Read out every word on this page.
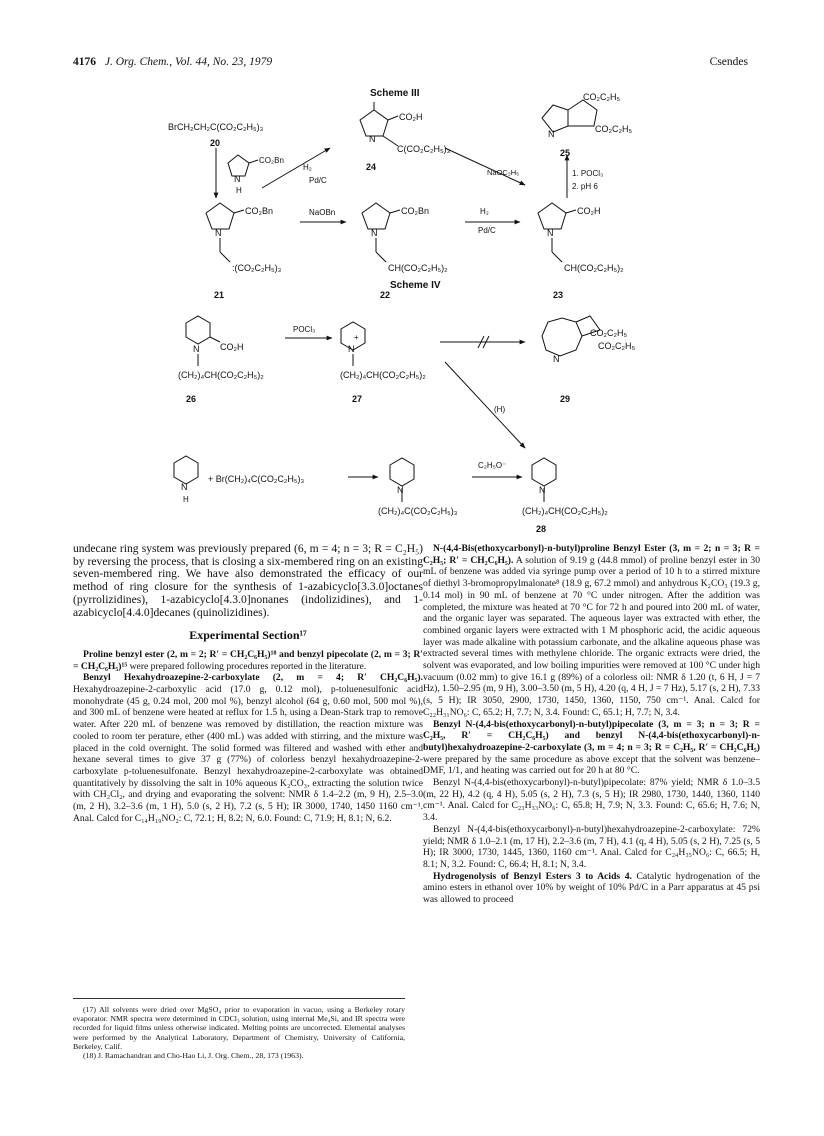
4176 J. Org. Chem., Vol. 44, No. 23, 1979	Csendes
Scheme III
Scheme IV
N	N
N
N	N	N
N	N
+
N
N	N	N
BrCH₂CH₂C(CO₂C₂H₅)₃
20
CO₂H
C(CO₂C₂H₅)₃
24
CO₂C₂H₅
CO₂C₂H₅
25
CO₂Bn
H
H₂
Pd/C
NaOC₂H₅	1. POCl₃
2. pH 6
CO₂Bn
:(CO₂C₂H₅)₃
21
NaOBn	CO₂Bn
CH(CO₂C₂H₅)₂
22
H₂
Pd/C
CO₂H
CH(CO₂C₂H₅)₂
23
CO₂H
(CH₂)₄CH(CO₂C₂H₅)₂
26
POCl₃
(CH₂)₄CH(CO₂C₂H₅)₂
27
CO₂C₂H₅
CO₂C₂H₅
29
(H)
H
+ Br(CH₂)₄C(CO₂C₂H₅)₃
(CH₂)₄C(CO₂C₂H₅)₃
C₂H₅O⁻
(CH₂)₄CH(CO₂C₂H₅)₂
28

undecane ring system was previously prepared (6, m = 4; n = 3; R = C₂H₅) by reversing the process, that is closing a six-membered ring on an existing seven-membered ring. We have also demonstrated the efficacy of our method of ring closure for the synthesis of 1-azabicyclo[3.3.0]octanes (pyrrolizidines), 1-azabicyclo[4.3.0]nonanes (indolizidines), and 1-azabicyclo[4.4.0]decanes (quinolizidines).

Experimental Section¹⁷

Proline benzyl ester (2, m = 2; R′ = CH₂C₆H₅)¹⁸ and benzyl pipecolate (2, m = 3; R′ = CH₂C₆H₅)¹⁵ were prepared following procedures reported in the literature.

Benzyl Hexahydroazepine-2-carboxylate (2, m = 4; R′ CH₂C₆H₅). Hexahydroazepine-2-carboxylic acid (17.0 g, 0.12 mol), p-toluenesulfonic acid monohydrate (45 g, 0.24 mol, 200 mol %), benzyl alcohol (64 g, 0.60 mol, 500 mol %), and 300 mL of benzene were heated at reflux for 1.5 h, using a Dean-Stark trap to remove water. After 220 mL of benzene was removed by distillation, the reaction mixture was cooled to room ter perature, ether (400 mL) was added with stirring, and the mixture was placed in the cold overnight. The solid formed was filtered and washed with ether and hexane several times to give 37 g (77%) of colorless benzyl hexahydroazepine-2-carboxylate p-toluenesulfonate. Benzyl hexahydroazepine-2-carboxylate was obtained quantitatively by dissolving the salt in 10% aqueous K₂CO₃, extracting the solution twice with CH₂Cl₂, and drying and evaporating the solvent: NMR δ 1.4–2.2 (m, 9 H), 2.5–3.0 (m, 2 H), 3.2–3.6 (m, 1 H), 5.0 (s, 2 H), 7.2 (s, 5 H); IR 3000, 1740, 1450 1160 cm⁻¹. Anal. Calcd for C₁₄H₁₉NO₂: C, 72.1; H, 8.2; N, 6.0. Found: C, 71.9; H, 8.1; N, 6.2.

(17) All solvents were dried over MgSO₄ prior to evaporation in vacuo, using a Berkeley rotary evaporator. NMR spectra were determined in CDCl₃ solution, using internal Me₄Si, and IR spectra were recorded for liquid films unless otherwise indicated. Melting points are uncorrected. Elemental analyses were performed by the Analytical Laboratory, Department of Chemistry, University of California, Berkeley, Calif.

(18) J. Ramachandran and Cho-Hao Li, J. Org. Chem., 28, 173 (1963).

N-(4,4-Bis(ethoxycarbonyl)-n-butyl)proline Benzyl Ester (3, m = 2; n = 3; R = C₂H₅; R′ = CH₂C₆H₅). A solution of 9.19 g (44.8 mmol) of proline benzyl ester in 30 mL of benzene was added via syringe pump over a period of 10 h to a stirred mixture of diethyl 3-bromopropylmalonate⁸ (18.9 g, 67.2 mmol) and anhydrous K₂CO₃ (19.3 g, 0.14 mol) in 90 mL of benzene at 70 °C under nitrogen. After the addition was completed, the mixture was heated at 70 °C for 72 h and poured into 200 mL of water, and the organic layer was separated. The aqueous layer was extracted with ether, the combined organic layers were extracted with 1 M phosphoric acid, the acidic aqueous layer was made alkaline with potassium carbonate, and the alkaline aqueous phase was extracted several times with methylene chloride. The organic extracts were dried, the solvent was evaporated, and low boiling impurities were removed at 100 °C under high vacuum (0.02 mm) to give 16.1 g (89%) of a colorless oil: NMR δ 1.20 (t, 6 H, J = 7 Hz), 1.50–2.95 (m, 9 H), 3.00–3.50 (m, 5 H), 4.20 (q, 4 H, J = 7 Hz), 5.17 (s, 2 H), 7.33 (s, 5 H); IR 3050, 2900, 1730, 1450, 1360, 1150, 750 cm⁻¹. Anal. Calcd for C₂₂H₃₁NO₆: C, 65.2; H, 7.7; N, 3.4. Found: C, 65.1; H, 7.7; N, 3.4.

Benzyl N-(4,4-bis(ethoxycarbonyl)-n-butyl)pipecolate (3, m = 3; n = 3; R = C₂H₅, R′ = CH₂C₆H₅) and benzyl N-(4,4-bis(ethoxycarbonyl)-n-butyl)hexahydroazepine-2-carboxylate (3, m = 4; n = 3; R = C₂H₅, R′ = CH₂C₆H₅) were prepared by the same procedure as above except that the solvent was benzene–DMF, 1/1, and heating was carried out for 20 h at 80 °C.

Benzyl N-(4,4-bis(ethoxycarbonyl)-n-butyl)pipecolate: 87% yield; NMR δ 1.0–3.5 (m, 22 H), 4.2 (q, 4 H), 5.05 (s, 2 H), 7.3 (s, 5 H); IR 2980, 1730, 1440, 1360, 1140 cm⁻¹. Anal. Calcd for C₂₃H₃₃NO₆: C, 65.8; H, 7.9; N, 3.3. Found: C, 65.6; H, 7.6; N, 3.4.

Benzyl N-(4,4-bis(ethoxycarbonyl)-n-butyl)hexahydroazepine-2-carboxylate: 72% yield; NMR δ 1.0–2.1 (m, 17 H), 2.2–3.6 (m, 7 H), 4.1 (q, 4 H), 5.05 (s, 2 H), 7.25 (s, 5 H); IR 3000, 1730, 1445, 1360, 1160 cm⁻¹. Anal. Calcd for C₂₄H₃₅NO₆: C, 66.5; H, 8.1; N, 3.2. Found: C, 66.4; H, 8.1; N, 3.4.

Hydrogenolysis of Benzyl Esters 3 to Acids 4. Catalytic hydrogenation of the amino esters in ethanol over 10% by weight of 10% Pd/C in a Parr apparatus at 45 psi was allowed to proceed
